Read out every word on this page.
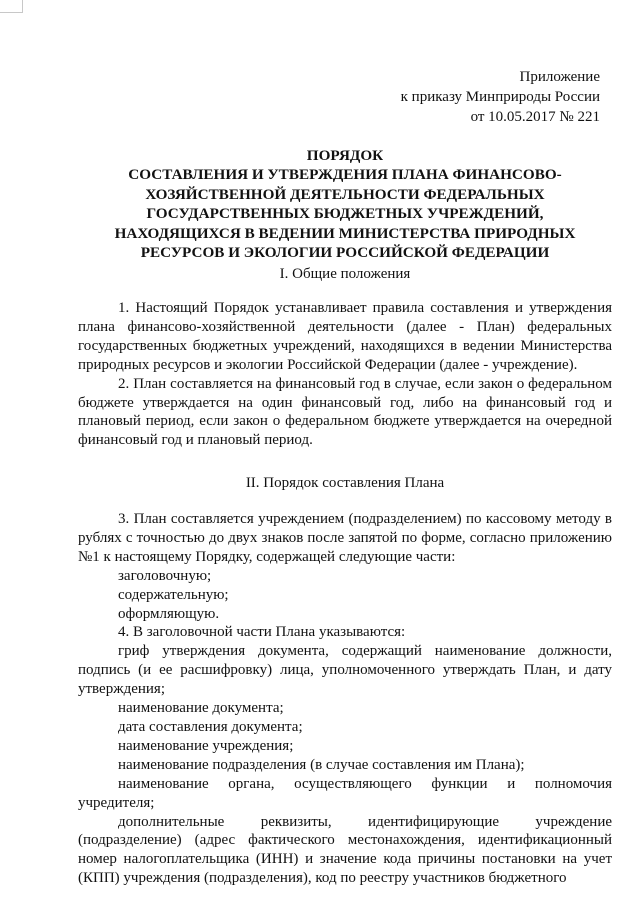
Приложение
к приказу Минприроды России
от 10.05.2017 № 221
ПОРЯДОК
СОСТАВЛЕНИЯ И УТВЕРЖДЕНИЯ ПЛАНА ФИНАНСОВО-
ХОЗЯЙСТВЕННОЙ ДЕЯТЕЛЬНОСТИ ФЕДЕРАЛЬНЫХ
ГОСУДАРСТВЕННЫХ БЮДЖЕТНЫХ УЧРЕЖДЕНИЙ,
НАХОДЯЩИХСЯ В ВЕДЕНИИ МИНИСТЕРСТВА ПРИРОДНЫХ
РЕСУРСОВ И ЭКОЛОГИИ РОССИЙСКОЙ ФЕДЕРАЦИИ
I. Общие положения

1. Настоящий Порядок устанавливает правила составления и утверждения плана финансово-хозяйственной деятельности (далее - План) федеральных государственных бюджетных учреждений, находящихся в ведении Министерства природных ресурсов и экологии Российской Федерации (далее - учреждение).

2. План составляется на финансовый год в случае, если закон о федеральном бюджете утверждается на один финансовый год, либо на финансовый год и плановый период, если закон о федеральном бюджете утверждается на очередной финансовый год и плановый период.

II. Порядок составления Плана

3. План составляется учреждением (подразделением) по кассовому методу в рублях с точностью до двух знаков после запятой по форме, согласно приложению №1 к настоящему Порядку, содержащей следующие части:

заголовочную;

содержательную;

оформляющую.

4. В заголовочной части Плана указываются:

гриф утверждения документа, содержащий наименование должности, подпись (и ее расшифровку) лица, уполномоченного утверждать План, и дату утверждения;

наименование документа;

дата составления документа;

наименование учреждения;

наименование подразделения (в случае составления им Плана);

наименование органа, осуществляющего функции и полномочия учредителя;

дополнительные реквизиты, идентифицирующие учреждение (подразделение) (адрес фактического местонахождения, идентификационный номер налогоплательщика (ИНН) и значение кода причины постановки на учет (КПП) учреждения (подразделения), код по реестру участников бюджетного
